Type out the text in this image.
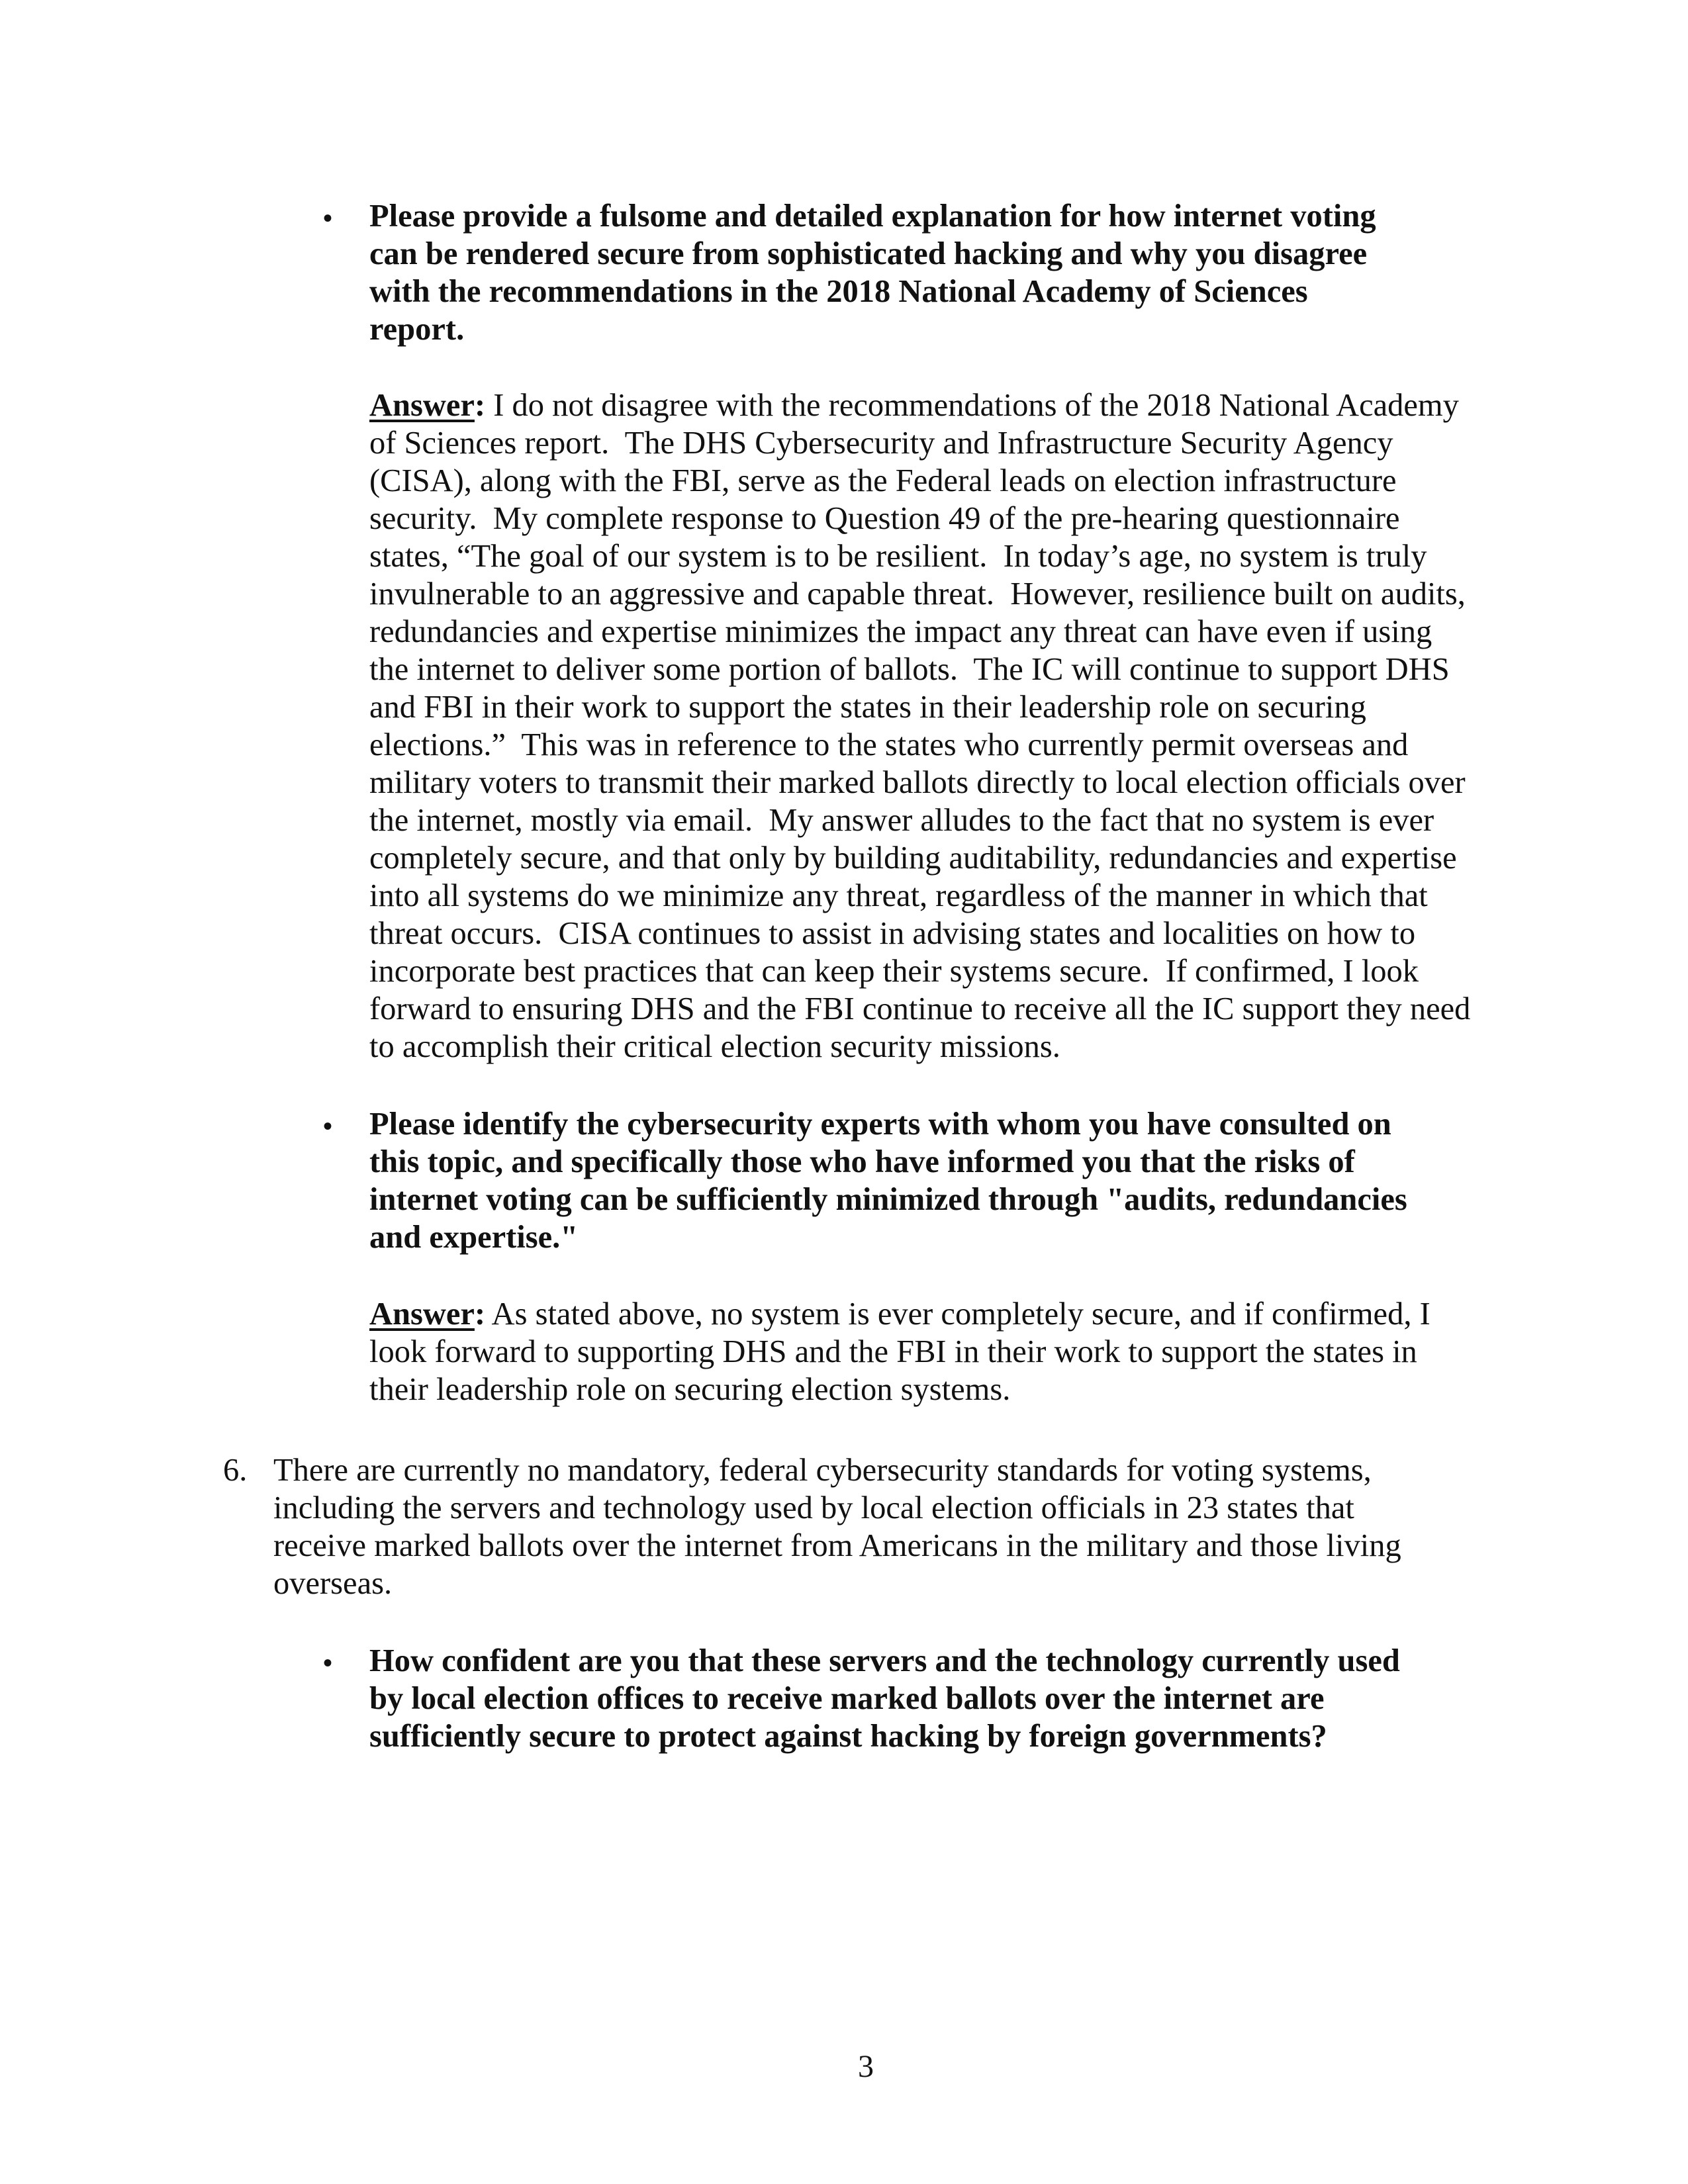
• Please provide a fulsome and detailed explanation for how internet voting
can be rendered secure from sophisticated hacking and why you disagree
with the recommendations in the 2018 National Academy of Sciences
report.
Answer: I do not disagree with the recommendations of the 2018 National Academy
of Sciences report.  The DHS Cybersecurity and Infrastructure Security Agency
(CISA), along with the FBI, serve as the Federal leads on election infrastructure
security.  My complete response to Question 49 of the pre-hearing questionnaire
states, “The goal of our system is to be resilient.  In today’s age, no system is truly
invulnerable to an aggressive and capable threat.  However, resilience built on audits,
redundancies and expertise minimizes the impact any threat can have even if using
the internet to deliver some portion of ballots.  The IC will continue to support DHS
and FBI in their work to support the states in their leadership role on securing
elections.”  This was in reference to the states who currently permit overseas and
military voters to transmit their marked ballots directly to local election officials over
the internet, mostly via email.  My answer alludes to the fact that no system is ever
completely secure, and that only by building auditability, redundancies and expertise
into all systems do we minimize any threat, regardless of the manner in which that
threat occurs.  CISA continues to assist in advising states and localities on how to
incorporate best practices that can keep their systems secure.  If confirmed, I look
forward to ensuring DHS and the FBI continue to receive all the IC support they need
to accomplish their critical election security missions.
• Please identify the cybersecurity experts with whom you have consulted on
this topic, and specifically those who have informed you that the risks of
internet voting can be sufficiently minimized through "audits, redundancies
and expertise."
Answer: As stated above, no system is ever completely secure, and if confirmed, I
look forward to supporting DHS and the FBI in their work to support the states in
their leadership role on securing election systems.
6. There are currently no mandatory, federal cybersecurity standards for voting systems,
including the servers and technology used by local election officials in 23 states that
receive marked ballots over the internet from Americans in the military and those living
overseas.
• How confident are you that these servers and the technology currently used
by local election offices to receive marked ballots over the internet are
sufficiently secure to protect against hacking by foreign governments?
3
